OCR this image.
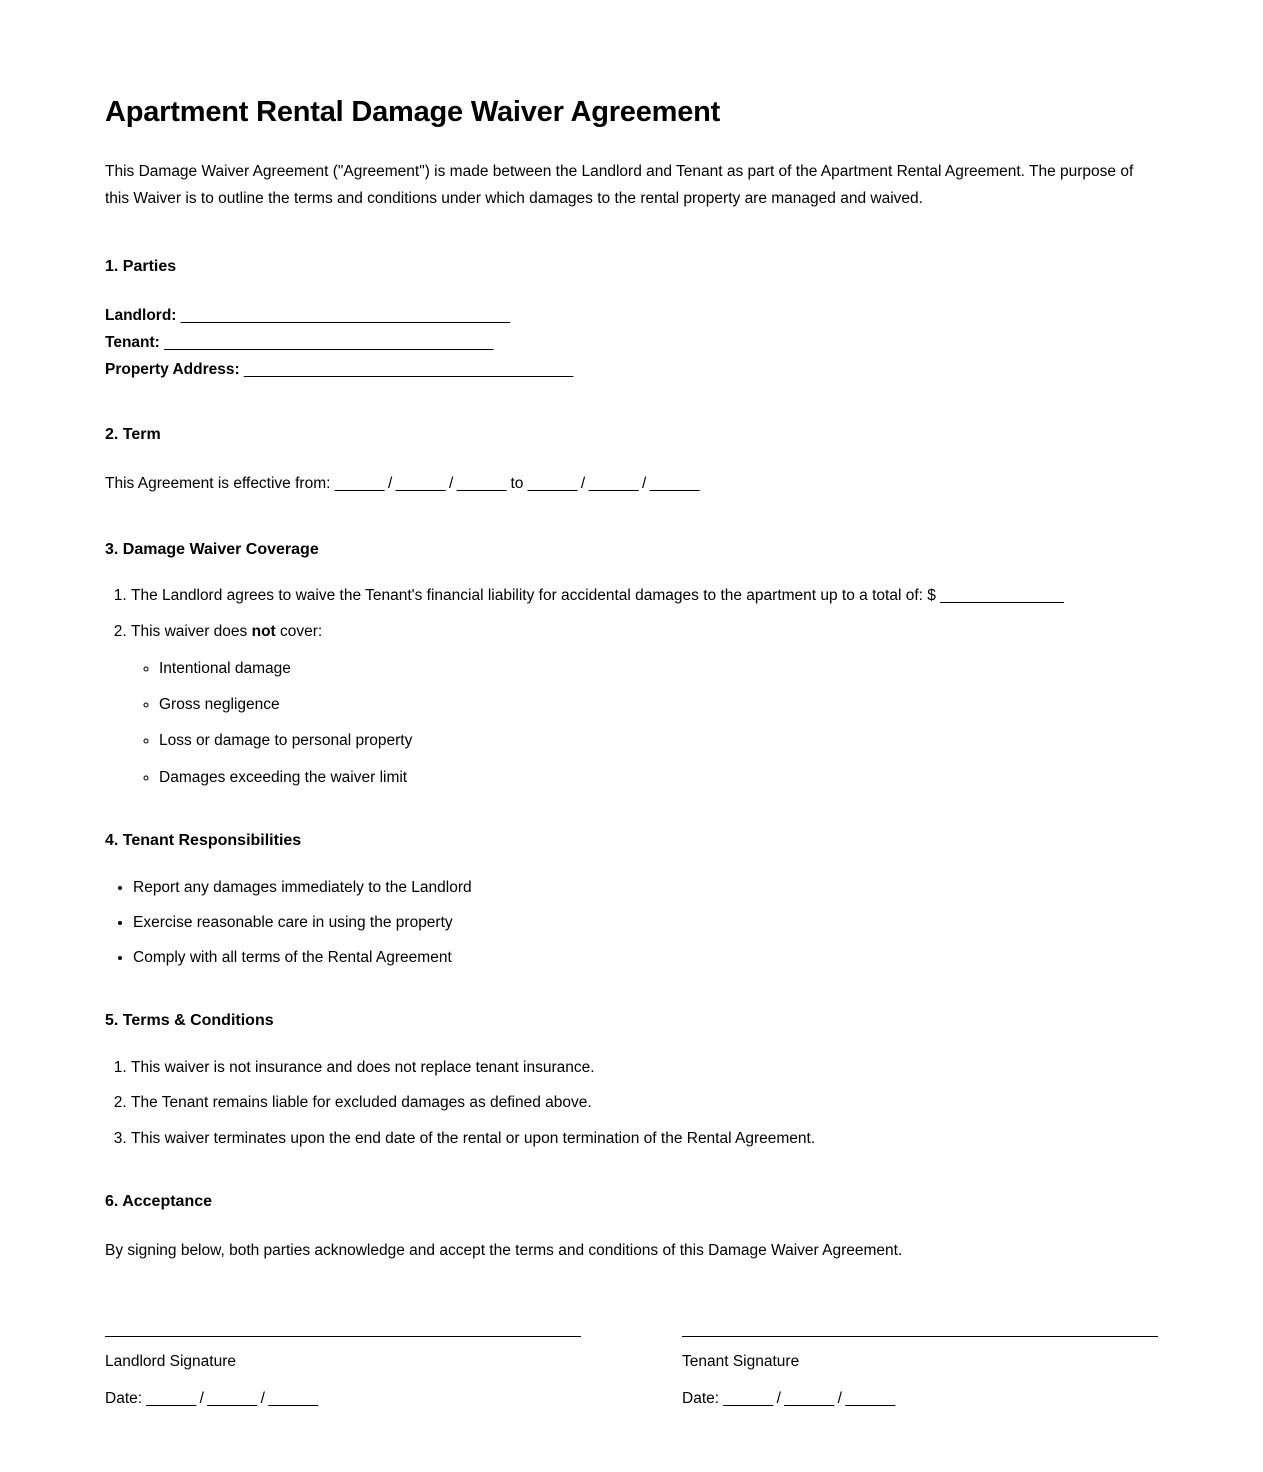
Apartment Rental Damage Waiver Agreement

This Damage Waiver Agreement ("Agreement") is made between the Landlord and Tenant as part of the Apartment Rental Agreement. The purpose of this Waiver is to outline the terms and conditions under which damages to the rental property are managed and waived.

1. Parties

Landlord: ________________________________________

Tenant: ________________________________________

Property Address: ________________________________________

2. Term

This Agreement is effective from: ______ / ______ / ______ to ______ / ______ / ______

3. Damage Waiver Coverage
1. The Landlord agrees to waive the Tenant's financial liability for accidental damages to the apartment up to a total of: $ _______________
2. This waiver does not cover:
◦ Intentional damage
◦ Gross negligence
◦ Loss or damage to personal property
◦ Damages exceeding the waiver limit
4. Tenant Responsibilities
• Report any damages immediately to the Landlord
• Exercise reasonable care in using the property
• Comply with all terms of the Rental Agreement
5. Terms & Conditions
1. This waiver is not insurance and does not replace tenant insurance.
2. The Tenant remains liable for excluded damages as defined above.
3. This waiver terminates upon the end date of the rental or upon termination of the Rental Agreement.
6. Acceptance

By signing below, both parties acknowledge and accept the terms and conditions of this Damage Waiver Agreement.

Landlord Signature

Date: ______ / ______ / ______

Tenant Signature

Date: ______ / ______ / ______
